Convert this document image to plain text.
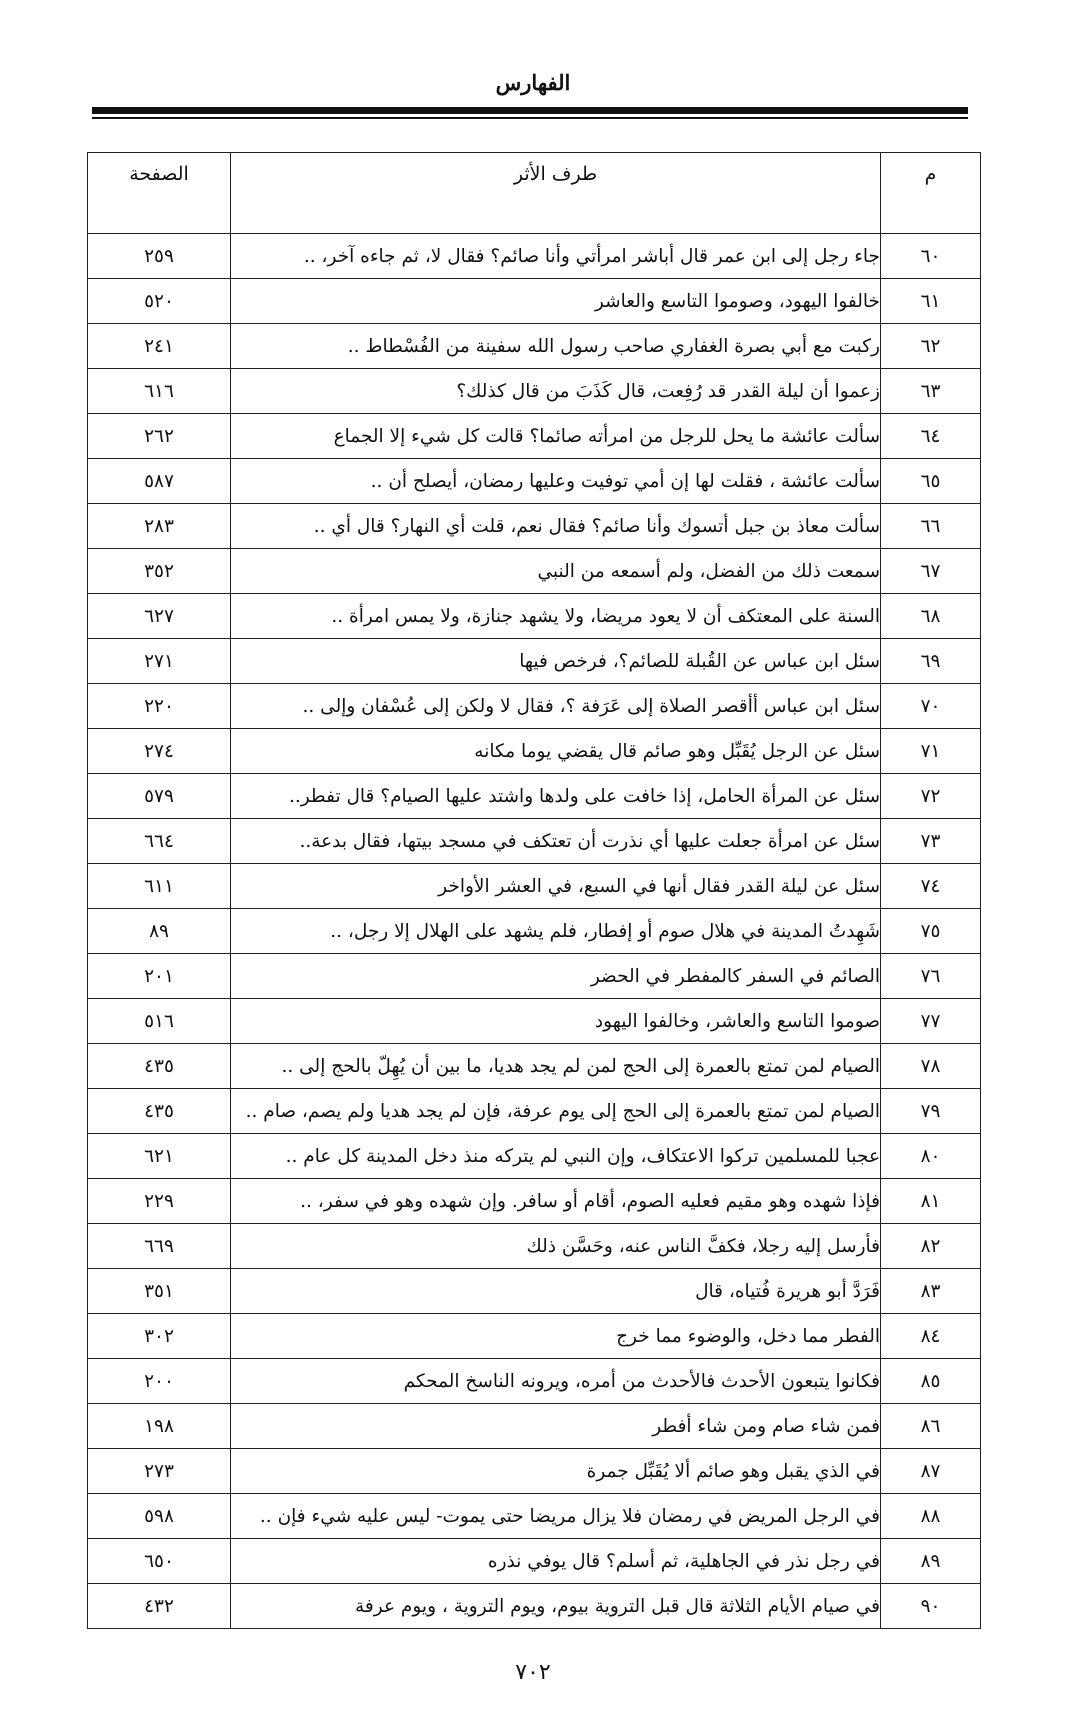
الفهارس
م	طرف الأثر	الصفحة
٦٠	جاء رجل إلى ابن عمر قال أباشر امرأتي وأنا صائم؟ فقال لا، ثم جاءه آخر، ..	٢٥٩
٦١	خالفوا اليهود، وصوموا التاسع والعاشر	٥٢٠
٦٢	ركبت مع أبي بصرة الغفاري صاحب رسول الله سفينة من الفُسْطاط ..	٢٤١
٦٣	زعموا أن ليلة القدر قد رُفِعت، قال كَذَبَ من قال كذلك؟	٦١٦
٦٤	سألت عائشة ما يحل للرجل من امرأته صائما؟ قالت كل شيء إلا الجماع	٢٦٢
٦٥	سألت عائشة ، فقلت لها إن أمي توفيت وعليها رمضان، أيصلح أن ..	٥٨٧
٦٦	سألت معاذ بن جبل أتسوك وأنا صائم؟ فقال نعم، قلت أي النهار؟ قال أي ..	٢٨٣
٦٧	سمعت ذلك من الفضل، ولم أسمعه من النبي	٣٥٢
٦٨	السنة على المعتكف أن لا يعود مريضا، ولا يشهد جنازة، ولا يمس امرأة ..	٦٢٧
٦٩	سئل ابن عباس عن القُبلة للصائم؟، فرخص فيها	٢٧١
٧٠	سئل ابن عباس أأقصر الصلاة إلى عَرَفة ؟، فقال لا ولكن إلى عُسْفان وإلى ..	٢٢٠
٧١	سئل عن الرجل يُقَبِّل وهو صائم قال يقضي يوما مكانه	٢٧٤
٧٢	سئل عن المرأة الحامل، إذا خافت على ولدها واشتد عليها الصيام؟ قال تفطر..	٥٧٩
٧٣	سئل عن امرأة جعلت عليها أي نذرت أن تعتكف في مسجد بيتها، فقال بدعة..	٦٦٤
٧٤	سئل عن ليلة القدر فقال أنها في السبع، في العشر الأواخر	٦١١
٧٥	شَهِدتُ المدينة في هلال صوم أو إفطار، فلم يشهد على الهلال إلا رجل، ..	٨٩
٧٦	الصائم في السفر كالمفطر في الحضر	٢٠١
٧٧	صوموا التاسع والعاشر، وخالفوا اليهود	٥١٦
٧٨	الصيام لمن تمتع بالعمرة إلى الحج لمن لم يجد هديا، ما بين أن يُهِلّ بالحج إلى ..	٤٣٥
٧٩	الصيام لمن تمتع بالعمرة إلى الحج إلى يوم عرفة، فإن لم يجد هديا ولم يصم، صام ..	٤٣٥
٨٠	عجبا للمسلمين تركوا الاعتكاف، وإن النبي لم يتركه منذ دخل المدينة كل عام ..	٦٢١
٨١	فإذا شهده وهو مقيم فعليه الصوم، أقام أو سافر. وإن شهده وهو في سفر، ..	٢٢٩
٨٢	فأرسل إليه رجلا، فكفَّ الناس عنه، وحَسَّن ذلك	٦٦٩
٨٣	فَرَدَّ أبو هريرة فُتياه، قال	٣٥١
٨٤	الفطر مما دخل، والوضوء مما خرج	٣٠٢
٨٥	فكانوا يتبعون الأحدث فالأحدث من أمره، ويرونه الناسخ المحكم	٢٠٠
٨٦	فمن شاء صام ومن شاء أفطر	١٩٨
٨٧	في الذي يقبل وهو صائم ألا يُقَبِّل جمرة	٢٧٣
٨٨	في الرجل المريض في رمضان فلا يزال مريضا حتى يموت- ليس عليه شيء فإن ..	٥٩٨
٨٩	في رجل نذر في الجاهلية، ثم أسلم؟ قال يوفي نذره	٦٥٠
٩٠	في صيام الأيام الثلاثة قال قبل التروية بيوم، ويوم التروية ، ويوم عرفة	٤٣٢
٧٠٢
